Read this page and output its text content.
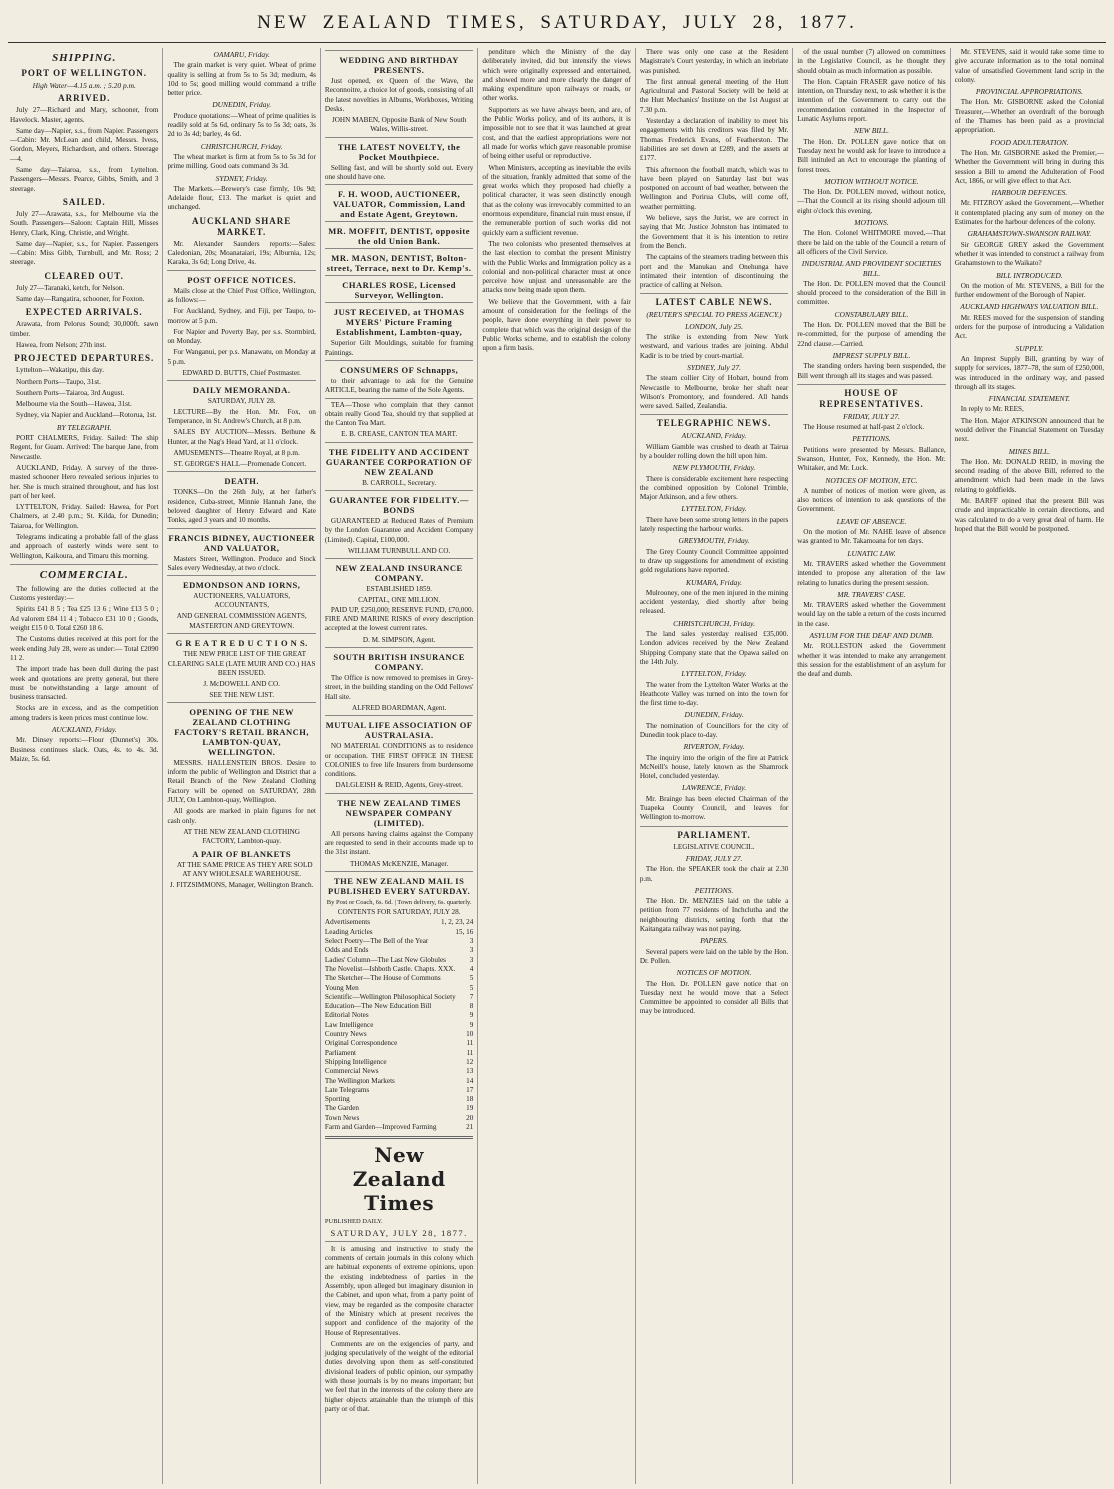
NEW ZEALAND TIMES, SATURDAY, JULY 28, 1877.
SHIPPING.
PORT OF WELLINGTON.
High Water—4.15 a.m. ; 5.20 p.m.
ARRIVED.

July 27—Richard and Mary, schooner, from Havelock. Master, agents.

Same day—Napier, s.s., from Napier. Passengers—Cabin: Mr. McLean and child, Messrs. Ivess, Gordon, Meyers, Richardson, and others. Steerage—4.

Same day—Taiaroa, s.s., from Lyttelton. Passengers—Messrs. Pearce, Gibbs, Smith, and 3 steerage.

SAILED.

July 27—Arawata, s.s., for Melbourne via the South. Passengers—Saloon: Captain Hill, Misses Henry, Clark, King, Christie, and Wright.

Same day—Napier, s.s., for Napier. Passengers—Cabin: Miss Gibb, Turnbull, and Mr. Ross; 2 steerage.

CLEARED OUT.

July 27—Taranaki, ketch, for Nelson.

Same day—Rangatira, schooner, for Foxton.

EXPECTED ARRIVALS.

Arawata, from Pelorus Sound; 30,000ft. sawn timber.

Hawea, from Nelson; 27th inst.

PROJECTED DEPARTURES.

Lyttelton—Wakatipu, this day.

Northern Ports—Taupo, 31st.

Southern Ports—Taiaroa, 3rd August.

Melbourne via the South—Hawea, 31st.

Sydney, via Napier and Auckland—Rotorua, 1st.

BY TELEGRAPH.

PORT CHALMERS, Friday. Sailed: The ship Regent, for Guam. Arrived: The barque Jane, from Newcastle.

AUCKLAND, Friday. A survey of the three-masted schooner Hero revealed serious injuries to her. She is much strained throughout, and has lost part of her keel.

LYTTELTON, Friday. Sailed: Hawea, for Port Chalmers, at 2.40 p.m.; St. Kilda, for Dunedin; Taiaroa, for Wellington.

Telegrams indicating a probable fall of the glass and approach of easterly winds were sent to Wellington, Kaikoura, and Timaru this morning.

COMMERCIAL.

The following are the duties collected at the Customs yesterday:—

Spirits £41 8 5 ; Tea £25 13 6 ; Wine £13 5 0 ; Ad valorem £84 11 4 ; Tobacco £31 10 0 ; Goods, weight £15 0 0. Total £260 18 6.

The Customs duties received at this port for the week ending July 28, were as under:— Total £2090 11 2.

The import trade has been dull during the past week and quotations are pretty general, but there must be notwithstanding a large amount of business transacted.

Stocks are in excess, and as the competition among traders is keen prices must continue low.

AUCKLAND, Friday.

Mr. Dinsey reports:—Flour (Dunnet's) 30s. Business continues slack. Oats, 4s. to 4s. 3d. Maize, 5s. 6d.

OAMARU, Friday.

The grain market is very quiet. Wheat of prime quality is selling at from 5s to 5s 3d; medium, 4s 10d to 5s; good milling would command a trifle better price.

DUNEDIN, Friday.

Produce quotations:—Wheat of prime qualities is readily sold at 5s 6d, ordinary 5s to 5s 3d; oats, 3s 2d to 3s 4d; barley, 4s 6d.

CHRISTCHURCH, Friday.

The wheat market is firm at from 5s to 5s 3d for prime milling. Good oats command 3s 3d.

SYDNEY, Friday.

The Markets.—Brewery's case firmly, 10s 9d; Adelaide flour, £13. The market is quiet and unchanged.

AUCKLAND SHARE MARKET.

Mr. Alexander Saunders reports:—Sales: Caledonian, 20s; Moanataiari, 19s; Alburnia, 12s; Karaka, 3s 6d; Long Drive, 4s.

POST OFFICE NOTICES.

Mails close at the Chief Post Office, Wellington, as follows:—

For Auckland, Sydney, and Fiji, per Taupo, to-morrow at 5 p.m.

For Napier and Poverty Bay, per s.s. Stormbird, on Monday.

For Wanganui, per p.s. Manawatu, on Monday at 5 p.m.

EDWARD D. BUTTS, Chief Postmaster.
DAILY MEMORANDA.
SATURDAY, JULY 28.

LECTURE—By the Hon. Mr. Fox, on Temperance, in St. Andrew's Church, at 8 p.m.

SALES BY AUCTION—Messrs. Bethune & Hunter, at the Nag's Head Yard, at 11 o'clock.

AMUSEMENTS—Theatre Royal, at 8 p.m.

ST. GEORGE'S HALL—Promenade Concert.

DEATH.

TONKS—On the 26th July, at her father's residence, Cuba-street, Minnie Hannah Jane, the beloved daughter of Henry Edward and Kate Tonks, aged 3 years and 10 months.

FRANCIS BIDNEY, AUCTIONEER AND VALUATOR,

Masters Street, Wellington. Produce and Stock Sales every Wednesday, at two o'clock.

EDMONDSON AND IORNS,
AUCTIONEERS, VALUATORS, ACCOUNTANTS,
AND GENERAL COMMISSION AGENTS,
MASTERTON AND GREYTOWN.
G R E A T R E D U C T I O N S.

THE NEW PRICE LIST OF THE GREAT CLEARING SALE (LATE MUIR AND CO.) HAS BEEN ISSUED.

J. McDOWELL AND CO.
SEE THE NEW LIST.
OPENING OF THE NEW ZEALAND CLOTHING FACTORY'S RETAIL BRANCH, LAMBTON-QUAY, WELLINGTON.

MESSRS. HALLENSTEIN BROS. Desire to inform the public of Wellington and District that a Retail Branch of the New Zealand Clothing Factory will be opened on SATURDAY, 28th JULY, On Lambton-quay, Wellington.

All goods are marked in plain figures for net cash only.

AT THE NEW ZEALAND CLOTHING FACTORY, Lambton-quay.
A PAIR OF BLANKETS

AT THE SAME PRICE AS THEY ARE SOLD AT ANY WHOLESALE WAREHOUSE.

J. FITZSIMMONS, Manager, Wellington Branch.
WEDDING AND BIRTHDAY PRESENTS.

Just opened, ex Queen of the Wave, the Reconnoitre, a choice lot of goods, consisting of all the latest novelties in Albums, Workboxes, Writing Desks.

JOHN MABEN, Opposite Bank of New South Wales, Willis-street.
THE LATEST NOVELTY, the Pocket Mouthpiece.

Selling fast, and will be shortly sold out. Every one should have one.

F. H. WOOD, AUCTIONEER, VALUATOR, Commission, Land and Estate Agent, Greytown.
MR. MOFFIT, DENTIST, opposite the old Union Bank.
MR. MASON, DENTIST, Bolton-street, Terrace, next to Dr. Kemp's.
CHARLES ROSE, Licensed Surveyor, Wellington.
JUST RECEIVED, at THOMAS MYERS' Picture Framing Establishment, Lambton-quay,

Superior Gilt Mouldings, suitable for framing Paintings.

CONSUMERS OF Schnapps,

to their advantage to ask for the Genuine ARTICLE, bearing the name of the Sole Agents.

TEA—Those who complain that they cannot obtain really Good Tea, should try that supplied at the Canton Tea Mart.

E. B. CREASE, CANTON TEA MART.
THE FIDELITY AND ACCIDENT GUARANTEE CORPORATION OF NEW ZEALAND
B. CARROLL, Secretary.
GUARANTEE FOR FIDELITY.—BONDS

GUARANTEED at Reduced Rates of Premium by the London Guarantee and Accident Company (Limited). Capital, £100,000.

WILLIAM TURNBULL AND CO.
NEW ZEALAND INSURANCE COMPANY.
ESTABLISHED 1859.
CAPITAL, ONE MILLION.

PAID UP, £250,000; RESERVE FUND, £70,000. FIRE AND MARINE RISKS of every description accepted at the lowest current rates.

D. M. SIMPSON, Agent.
SOUTH BRITISH INSURANCE COMPANY.

The Office is now removed to premises in Grey-street, in the building standing on the Odd Fellows' Hall site.

ALFRED BOARDMAN, Agent.
MUTUAL LIFE ASSOCIATION OF AUSTRALASIA.

NO MATERIAL CONDITIONS as to residence or occupation. THE FIRST OFFICE IN THESE COLONIES to free life Insurers from burdensome conditions.

DALGLEISH & REID, Agents, Grey-street.
THE NEW ZEALAND TIMES NEWSPAPER COMPANY (LIMITED).

All persons having claims against the Company are requested to send in their accounts made up to the 31st instant.

THOMAS McKENZIE, Manager.
THE NEW ZEALAND MAIL IS PUBLISHED EVERY SATURDAY.
By Post or Coach, 6s. 6d. | Town delivery, 6s. quarterly.
CONTENTS FOR SATURDAY, JULY 28.
Advertisements	1, 2, 23, 24
Leading Articles	15, 16
Select Poetry—The Bell of the Year	3
Odds and Ends	3
Ladies' Column—The Last New Globules	3
The Novelist—Ishboth Castle. Chapts. XXX. 4
The Sketcher—The House of Commons	5
Young Men	5
Scientific—Wellington Philosophical Society 7
Education—The New Education Bill	8
Editorial Notes	9
Law Intelligence	9
Country News	10
Original Correspondence	11
Parliament	11
Shipping Intelligence	12
Commercial News	13
The Wellington Markets	14
Late Telegrams	17
Sporting	18
The Garden	19
Town News	20
Farm and Garden—Improved Farming	21
New Zealand Times
PUBLISHED DAILY.
SATURDAY, JULY 28, 1877.

It is amusing and instructive to study the comments of certain journals in this colony which are habitual exponents of extreme opinions, upon the existing indebtedness of parties in the Assembly, upon alleged but imaginary disunion in the Cabinet, and upon what, from a party point of view, may be regarded as the composite character of the Ministry which at present receives the support and confidence of the majority of the House of Representatives.

Comments are on the exigencies of party, and judging speculatively of the weight of the editorial duties devolving upon them as self-constituted divisional leaders of public opinion, our sympathy with those journals is by no means important; but we feel that in the interests of the colony there are higher objects attainable than the triumph of this party or of that.

penditure which the Ministry of the day deliberately invited, did but intensify the views which were originally expressed and entertained, and showed more and more clearly the danger of making expenditure upon railways or roads, or other works.

Supporters as we have always been, and are, of the Public Works policy, and of its authors, it is impossible not to see that it was launched at great cost, and that the earliest appropriations were not all made for works which gave reasonable promise of being either useful or reproductive.

When Ministers, accepting as inevitable the evils of the situation, frankly admitted that some of the great works which they proposed had chiefly a political character, it was seen distinctly enough that as the colony was irrevocably committed to an enormous expenditure, financial ruin must ensue, if the remunerable portion of such works did not quickly earn a sufficient revenue.

The two colonists who presented themselves at the last election to combat the present Ministry with the Public Works and Immigration policy as a colonial and non-political character must at once perceive how unjust and unreasonable are the attacks now being made upon them.

We believe that the Government, with a fair amount of consideration for the feelings of the people, have done everything in their power to complete that which was the original design of the Public Works scheme, and to establish the colony upon a firm basis.

There was only one case at the Resident Magistrate's Court yesterday, in which an inebriate was punished.

The first annual general meeting of the Hutt Agricultural and Pastoral Society will be held at the Hutt Mechanics' Institute on the 1st August at 7.30 p.m.

Yesterday a declaration of inability to meet his engagements with his creditors was filed by Mr. Thomas Frederick Evans, of Featherston. The liabilities are set down at £289, and the assets at £177.

This afternoon the football match, which was to have been played on Saturday last but was postponed on account of bad weather, between the Wellington and Porirua Clubs, will come off, weather permitting.

We believe, says the Jurist, we are correct in saying that Mr. Justice Johnston has intimated to the Government that it is his intention to retire from the Bench.

The captains of the steamers trading between this port and the Manukau and Onehunga have intimated their intention of discontinuing the practice of calling at Nelson.

LATEST CABLE NEWS.
(REUTER'S SPECIAL TO PRESS AGENCY.)
LONDON, July 25.

The strike is extending from New York westward, and various trades are joining. Abdul Kadir is to be tried by court-martial.

SYDNEY, July 27.

The steam collier City of Hobart, bound from Newcastle to Melbourne, broke her shaft near Wilson's Promontory, and foundered. All hands were saved. Sailed, Zealandia.

TELEGRAPHIC NEWS.
AUCKLAND, Friday.

William Gamble was crushed to death at Tairua by a boulder rolling down the hill upon him.

NEW PLYMOUTH, Friday.

There is considerable excitement here respecting the combined opposition by Colonel Trimble, Major Atkinson, and a few others.

LYTTELTON, Friday.

There have been some strong letters in the papers lately respecting the harbour works.

GREYMOUTH, Friday.

The Grey County Council Committee appointed to draw up suggestions for amendment of existing gold regulations have reported.

KUMARA, Friday.

Mulrooney, one of the men injured in the mining accident yesterday, died shortly after being released.

CHRISTCHURCH, Friday.

The land sales yesterday realised £35,000. London advices received by the New Zealand Shipping Company state that the Opawa sailed on the 14th July.

LYTTELTON, Friday.

The water from the Lyttelton Water Works at the Heathcote Valley was turned on into the town for the first time to-day.

DUNEDIN, Friday.

The nomination of Councillors for the city of Dunedin took place to-day.

RIVERTON, Friday.

The inquiry into the origin of the fire at Patrick McNeill's house, lately known as the Shamrock Hotel, concluded yesterday.

LAWRENCE, Friday.

Mr. Brainge has been elected Chairman of the Tuapeka County Council, and leaves for Wellington to-morrow.

PARLIAMENT.
LEGISLATIVE COUNCIL.
FRIDAY, JULY 27.

The Hon. the SPEAKER took the chair at 2.30 p.m.

PETITIONS.

The Hon. Dr. MENZIES laid on the table a petition from 77 residents of Inchclutha and the neighbouring districts, setting forth that the Kaitangata railway was not paying.

PAPERS.

Several papers were laid on the table by the Hon. Dr. Pollen.

NOTICES OF MOTION.

The Hon. Dr. POLLEN gave notice that on Tuesday next he would move that a Select Committee be appointed to consider all Bills that may be introduced.

of the usual number (7) allowed on committees in the Legislative Council, as he thought they should obtain as much information as possible.

The Hon. Captain FRASER gave notice of his intention, on Thursday next, to ask whether it is the intention of the Government to carry out the recommendation contained in the Inspector of Lunatic Asylums report.

NEW BILL.

The Hon. Dr. POLLEN gave notice that on Tuesday next he would ask for leave to introduce a Bill intituled an Act to encourage the planting of forest trees.

MOTION WITHOUT NOTICE.

The Hon. Dr. POLLEN moved, without notice,—That the Council at its rising should adjourn till eight o'clock this evening.

MOTIONS.

The Hon. Colonel WHITMORE moved,—That there be laid on the table of the Council a return of all officers of the Civil Service.

INDUSTRIAL AND PROVIDENT SOCIETIES BILL.

The Hon. Dr. POLLEN moved that the Council should proceed to the consideration of the Bill in committee.

CONSTABULARY BILL.

The Hon. Dr. POLLEN moved that the Bill be re-committed, for the purpose of amending the 22nd clause.—Carried.

IMPREST SUPPLY BILL.

The standing orders having been suspended, the Bill went through all its stages and was passed.

HOUSE OF REPRESENTATIVES.
FRIDAY, JULY 27.

The House resumed at half-past 2 o'clock.

PETITIONS.

Petitions were presented by Messrs. Ballance, Swanson, Hunter, Fox, Kennedy, the Hon. Mr. Whitaker, and Mr. Luck.

NOTICES OF MOTION, ETC.

A number of notices of motion were given, as also notices of intention to ask questions of the Government.

LEAVE OF ABSENCE.

On the motion of Mr. NAHE leave of absence was granted to Mr. Takamoana for ten days.

LUNATIC LAW.

Mr. TRAVERS asked whether the Government intended to propose any alteration of the law relating to lunatics during the present session.

MR. TRAVERS' CASE.

Mr. TRAVERS asked whether the Government would lay on the table a return of the costs incurred in the case.

ASYLUM FOR THE DEAF AND DUMB.

Mr. ROLLESTON asked the Government whether it was intended to make any arrangement this session for the establishment of an asylum for the deaf and dumb.

Mr. STEVENS, said it would take some time to give accurate information as to the total nominal value of unsatisfied Government land scrip in the colony.

PROVINCIAL APPROPRIATIONS.

The Hon. Mr. GISBORNE asked the Colonial Treasurer,—Whether an overdraft of the borough of the Thames has been paid as a provincial appropriation.

FOOD ADULTERATION.

The Hon. Mr. GISBORNE asked the Premier,—Whether the Government will bring in during this session a Bill to amend the Adulteration of Food Act, 1866, or will give effect to that Act.

HARBOUR DEFENCES.

Mr. FITZROY asked the Government,—Whether it contemplated placing any sum of money on the Estimates for the harbour defences of the colony.

GRAHAMSTOWN-SWANSON RAILWAY.

Sir GEORGE GREY asked the Government whether it was intended to construct a railway from Grahamstown to the Waikato?

BILL INTRODUCED.

On the motion of Mr. STEVENS, a Bill for the further endowment of the Borough of Napier.

AUCKLAND HIGHWAYS VALUATION BILL.

Mr. REES moved for the suspension of standing orders for the purpose of introducing a Validation Act.

SUPPLY.

An Imprest Supply Bill, granting by way of supply for services, 1877–78, the sum of £250,000, was introduced in the ordinary way, and passed through all its stages.

FINANCIAL STATEMENT.

In reply to Mr. REES,

The Hon. Major ATKINSON announced that he would deliver the Financial Statement on Tuesday next.

MINES BILL.

The Hon. Mr. DONALD REID, in moving the second reading of the above Bill, referred to the amendment which had been made in the laws relating to goldfields.

Mr. BARFF opined that the present Bill was crude and impracticable in certain directions, and was calculated to do a very great deal of harm. He hoped that the Bill would be postponed.
